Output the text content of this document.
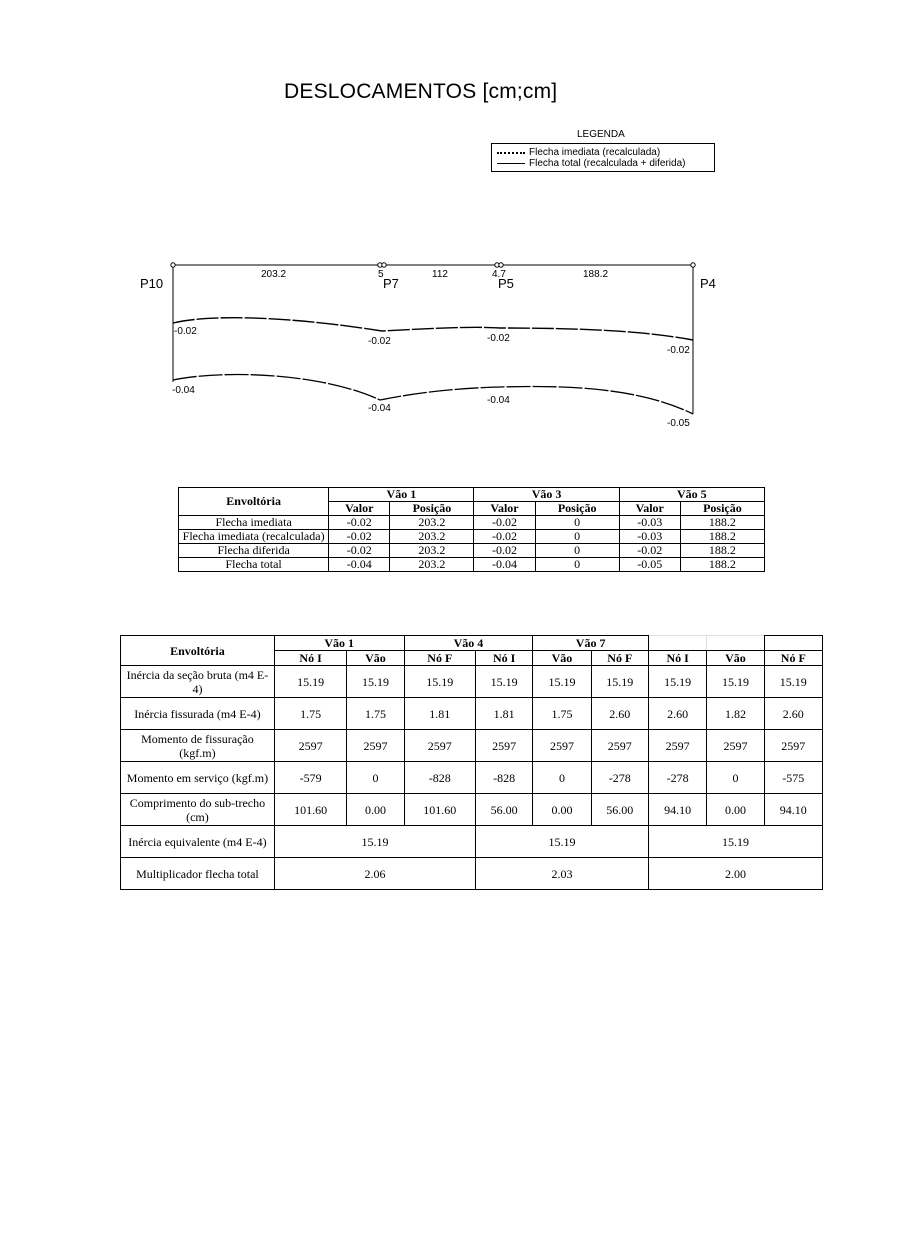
DESLOCAMENTOS [cm;cm]
LEGENDA
Flecha imediata (recalculada)
Flecha total (recalculada + diferida)
203.2	5	112	4.7	188.2
P10	P7	P5	P4
-0.02
-0.02	-0.02
-0.02
-0.04
-0.04
-0.04
-0.05
Envoltória	Vão 1		Vão 3		Vão 5	
	Valor	Posição	Valor	Posição	Valor	Posição
Flecha imediata	-0.02	203.2	-0.02	0	-0.03	188.2
Flecha imediata (recalculada)	-0.02	203.2	-0.02	0	-0.03	188.2
Flecha diferida	-0.02	203.2	-0.02	0	-0.02	188.2
Flecha total	-0.04	203.2	-0.04	0	-0.05	188.2
Envoltória	Vão 1		Vão 4		Vão 7				
	Nó I	Vão	Nó F	Nó I	Vão	Nó F	Nó I	Vão	Nó F
Inércia da seção bruta (m4 E-4)	15.19	15.19	15.19	15.19	15.19	15.19	15.19	15.19	15.19
Inércia fissurada (m4 E-4)	1.75	1.75	1.81	1.81	1.75	2.60	2.60	1.82	2.60
Momento de fissuração (kgf.m)	2597	2597	2597	2597	2597	2597	2597	2597	2597
Momento em serviço (kgf.m)	-579	0	-828	-828	0	-278	-278	0	-575
Comprimento do sub-trecho (cm)	101.60	0.00	101.60	56.00	0.00	56.00	94.10	0.00	94.10
Inércia equivalente (m4 E-4)	15.19			15.19			15.19		
Multiplicador flecha total	2.06			2.03			2.00		
